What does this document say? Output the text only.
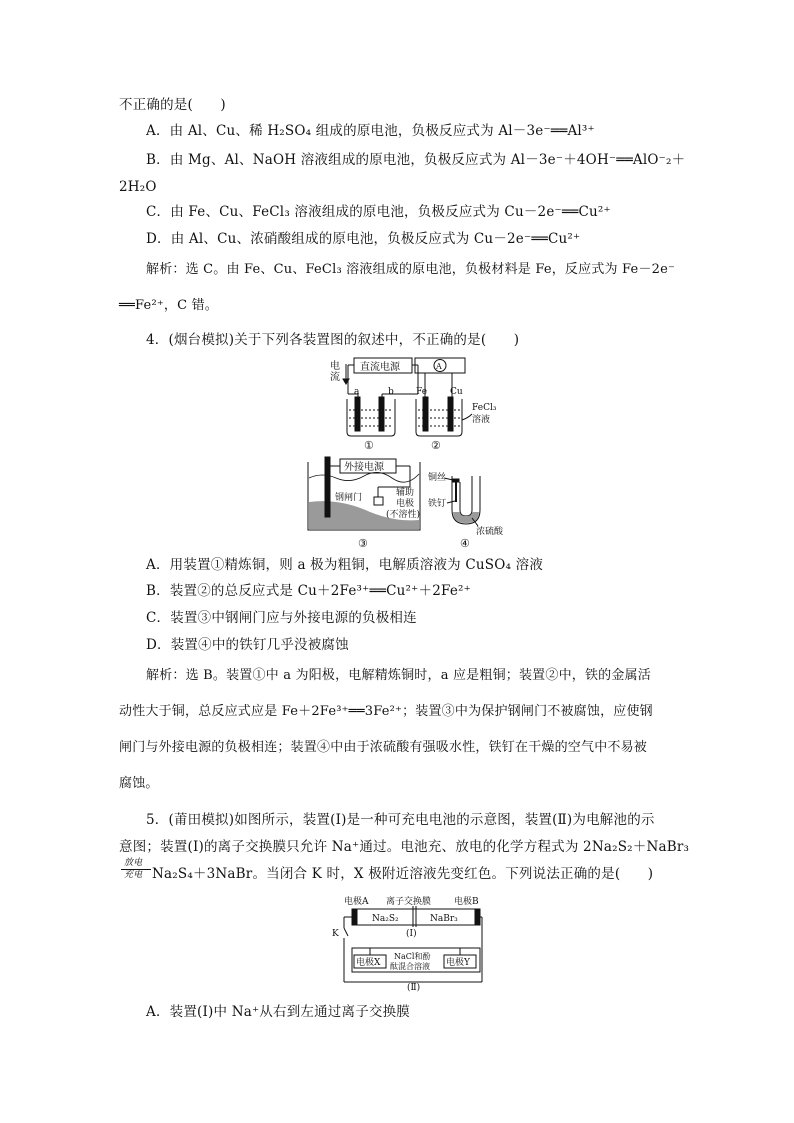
不正确的是(　　)
A．由 Al、Cu、稀 H₂SO₄ 组成的原电池，负极反应式为 Al－3e⁻══Al³⁺
B．由 Mg、Al、NaOH 溶液组成的原电池，负极反应式为 Al－3e⁻＋4OH⁻══AlO⁻₂＋
2H₂O
C．由 Fe、Cu、FeCl₃ 溶液组成的原电池，负极反应式为 Cu－2e⁻══Cu²⁺
D．由 Al、Cu、浓硝酸组成的原电池，负极反应式为 Cu－2e⁻══Cu²⁺
解析：选 C。由 Fe、Cu、FeCl₃ 溶液组成的原电池，负极材料是 Fe，反应式为 Fe－2e⁻
══Fe²⁺，C 错。
4．(烟台模拟)关于下列各装置图的叙述中，不正确的是(　　)
电
流
直流电源
a	b
①
A
Fe	Cu
FeCl₃
溶液
②
外接电源
钢闸门	辅助
电极
(不溶性)
③
铜丝
铁钉
浓硫酸
④
A．用装置①精炼铜，则 a 极为粗铜，电解质溶液为 CuSO₄ 溶液
B．装置②的总反应式是 Cu＋2Fe³⁺══Cu²⁺＋2Fe²⁺
C．装置③中钢闸门应与外接电源的负极相连
D．装置④中的铁钉几乎没被腐蚀
解析：选 B。装置①中 a 为阳极，电解精炼铜时，a 应是粗铜；装置②中，铁的金属活
动性大于铜，总反应式应是 Fe＋2Fe³⁺══3Fe²⁺；装置③中为保护钢闸门不被腐蚀，应使钢
闸门与外接电源的负极相连；装置④中由于浓硫酸有强吸水性，铁钉在干燥的空气中不易被
腐蚀。
5．(莆田模拟)如图所示，装置(Ⅰ)是一种可充电电池的示意图，装置(Ⅱ)为电解池的示
意图；装置(Ⅰ)的离子交换膜只允许 Na⁺通过。电池充、放电的化学方程式为 2Na₂S₂＋NaBr₃
放电
充电 Na₂S₄＋3NaBr。当闭合 K 时，X 极附近溶液先变红色。下列说法正确的是(　　)
电极A 离子交换膜	电极B
Na₂S₂	NaBr₃
(Ⅰ)
K
电极X
NaCl和酚
酞混合溶液 电极Y
(Ⅱ)
A．装置(Ⅰ)中 Na⁺从右到左通过离子交换膜
